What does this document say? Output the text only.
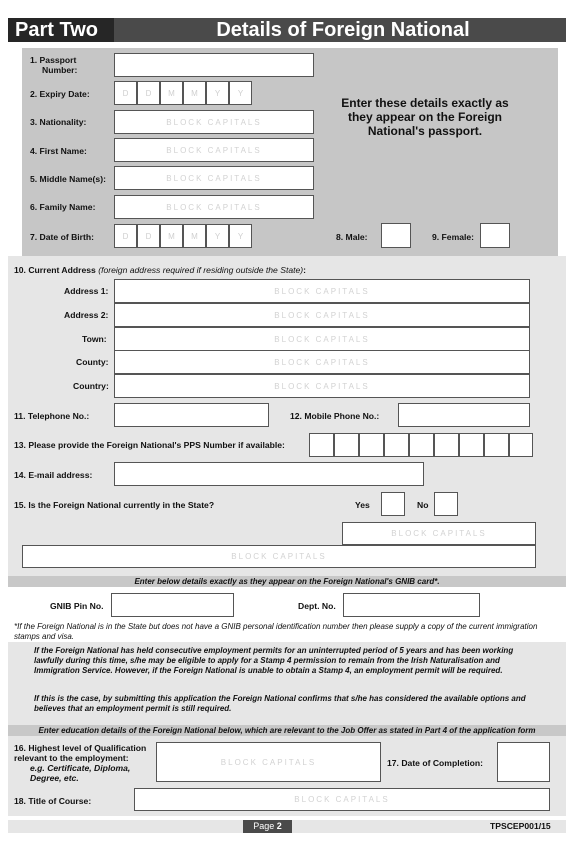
Part Two	Details of Foreign National
1. Passport
Number:
2. Expiry Date:	D	D	M	M	Y	Y
Enter these details exactly as they appear on the Foreign National's passport.
3. Nationality:	BLOCK CAPITALS
4. First Name:	BLOCK CAPITALS
5. Middle Name(s):	BLOCK CAPITALS
6. Family Name:	BLOCK CAPITALS
7. Date of Birth:	D	D	M	M	Y	Y	8. Male:	9. Female:
10. Current Address (foreign address required if residing outside the State):
Address 1:	BLOCK CAPITALS
Address 2:	BLOCK CAPITALS
Town:	BLOCK CAPITALS
County:	BLOCK CAPITALS
Country:	BLOCK CAPITALS
11. Telephone No.:	12. Mobile Phone No.:
13. Please provide the Foreign National's PPS Number if available:
14. E-mail address:
15. Is the Foreign National currently in the State?	Yes	No
BLOCK CAPITALS
BLOCK CAPITALS
Enter below details exactly as they appear on the Foreign National's GNIB card*.
GNIB Pin No.	Dept. No.
*If the Foreign National is in the State but does not have a GNIB personal identification number then please supply a copy of the current immigration stamps and visa.
If the Foreign National has held consecutive employment permits for an uninterrupted period of 5 years and has been working lawfully during this time, s/he may be eligible to apply for a Stamp 4 permission to remain from the Irish Naturalisation and Immigration Service. However, if the Foreign National is unable to obtain a Stamp 4, an employment permit will be required.
If this is the case, by submitting this application the Foreign National confirms that s/he has considered the available options and believes that an employment permit is still required.
Enter education details of the Foreign National below, which are relevant to the Job Offer as stated in Part 4 of the application form
16. Highest level of Qualification
relevant to the employment:
e.g. Certificate, Diploma,
Degree, etc.
BLOCK CAPITALS	17. Date of Completion:
18. Title of Course:	BLOCK CAPITALS
Page 2	TPSCEP001/15
